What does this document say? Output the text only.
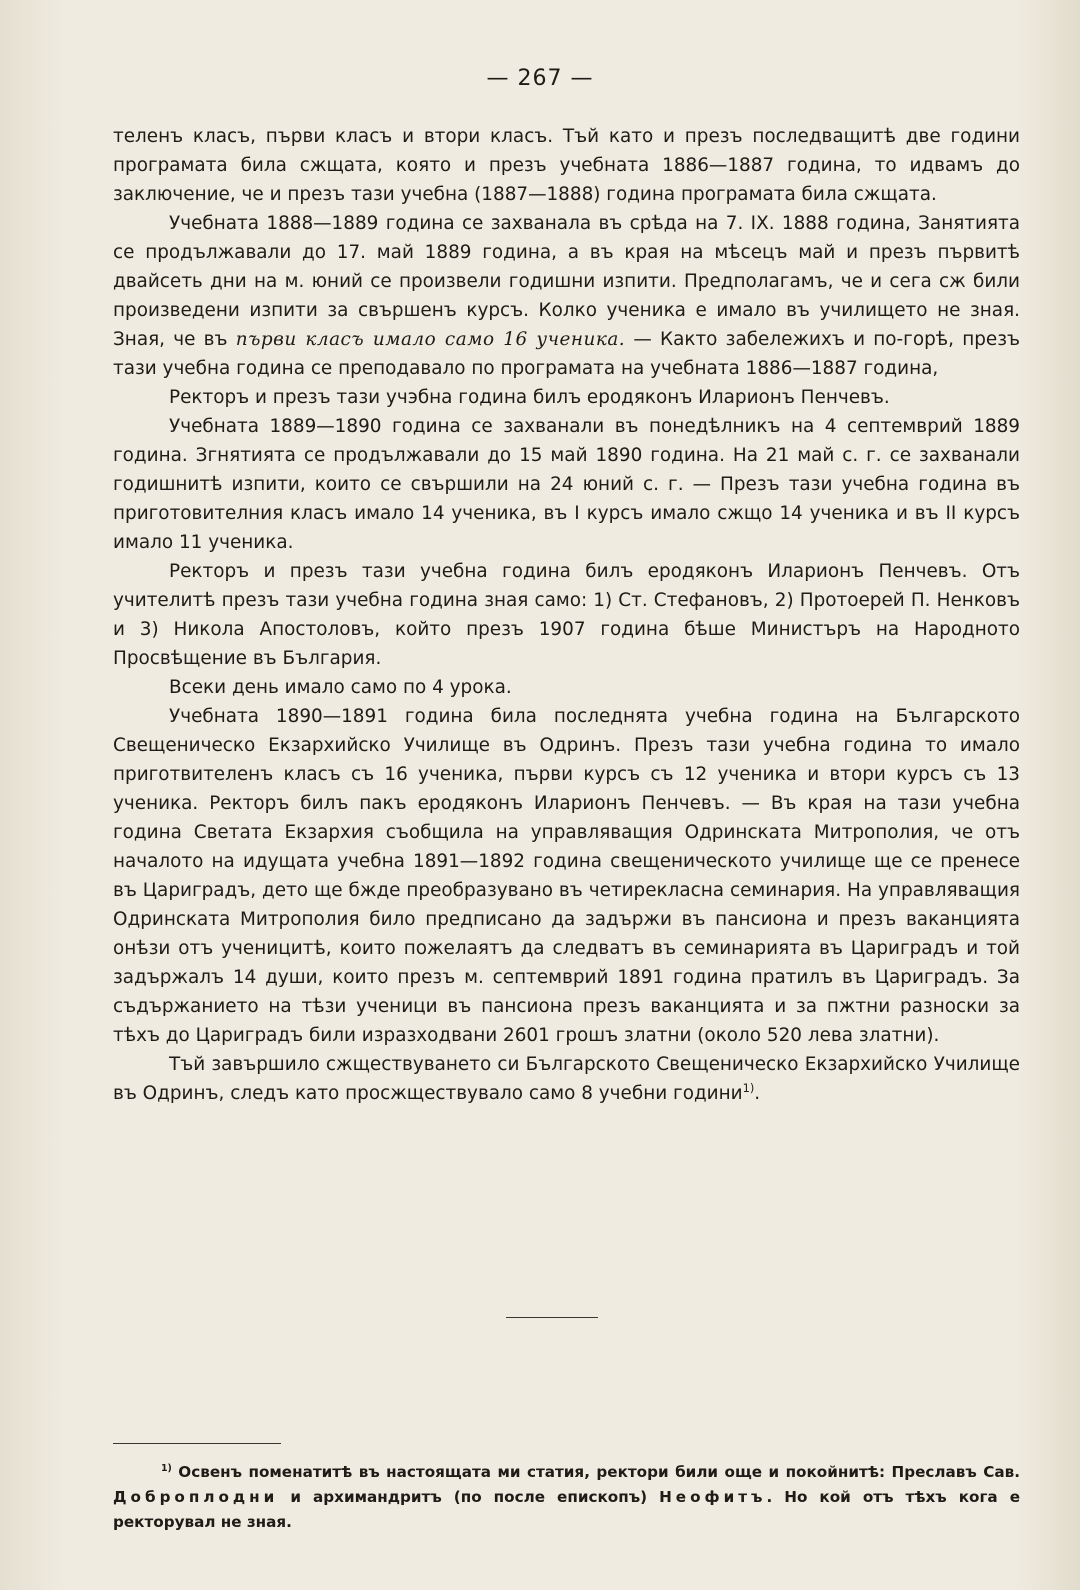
— 267 —

теленъ класъ, първи класъ и втори класъ. Тъй като и презъ последващитѣ две години програмата била сжщата, която и презъ учебната 1886—1887 година, то идвамъ до заключение, че и презъ тази учебна (1887—1888) година програмата била сжщата.

Учебната 1888—1889 година се захванала въ срѣда на 7. IX. 1888 година, Занятията се продължавали до 17. май 1889 година, а въ края на мѣсецъ май и презъ първитѣ двайсеть дни на м. юний се произвели годишни изпити. Предполагамъ, че и сега сж били произведени изпити за свършенъ курсъ. Колко ученика е имало въ училището не зная. Зная, че въ първи класъ имало само 16 ученика. — Както забележихъ и по-горѣ, презъ тази учебна година се преподавало по програмата на учебната 1886—1887 година,

Ректоръ и презъ тази учэбна година билъ еродяконъ Иларионъ Пенчевъ.

Учебната 1889—1890 година се захванали въ понедѣлникъ на 4 септемврий 1889 година. Згнятията се продължавали до 15 май 1890 година. На 21 май с. г. се захванали годишнитѣ изпити, които се свършили на 24 юний с. г. — Презъ тази учебна година въ приготовителния класъ имало 14 ученика, въ I курсъ имало сжщо 14 ученика и въ II курсъ имало 11 ученика.

Ректоръ и презъ тази учебна година билъ еродяконъ Иларионъ Пенчевъ. Отъ учителитѣ презъ тази учебна година зная само: 1) Ст. Стефановъ, 2) Протоерей П. Ненковъ и 3) Никола Апостоловъ, който презъ 1907 година бѣше Министъръ на Народното Просвѣщение въ България.

Всеки день имало само по 4 урока.

Учебната 1890—1891 година била последнята учебна година на Българското Свещеническо Екзархийско Училище въ Одринъ. Презъ тази учебна година то имало приготвителенъ класъ съ 16 ученика, първи курсъ съ 12 ученика и втори курсъ съ 13 ученика. Ректоръ билъ пакъ еродяконъ Иларионъ Пенчевъ. — Въ края на тази учебна година Светата Екзархия съобщила на управляващия Одринската Митрополия, че отъ началото на идущата учебна 1891—1892 година свещеническото училище ще се пренесе въ Цариградъ, дето ще бжде преобразувано въ четирекласна семинария. На управляващия Одринската Митрополия било предписано да задържи въ пансиона и презъ ваканцията онѣзи отъ ученицитѣ, които пожелаятъ да следватъ въ семинарията въ Цариградъ и той задържалъ 14 души, които презъ м. септемврий 1891 година пратилъ въ Цариградъ. За съдържанието на тѣзи ученици въ пансиона презъ ваканцията и за пжтни разноски за тѣхъ до Цариградъ били изразходвани 2601 грошъ златни (около 520 лева златни).

Тъй завършило сжществуването си Българското Свещеническо Екзархийско Училище въ Одринъ, следъ като просжществувало само 8 учебни години$^{1)}$.

$^{1)}$ Освенъ поменатитѣ въ настоящата ми статия, ректори били още и покойнитѣ: Преславъ Сав. Доброплодни и архимандритъ (по после епископъ) Неофитъ. Но кой отъ тѣхъ кога е ректорувал не зная.
